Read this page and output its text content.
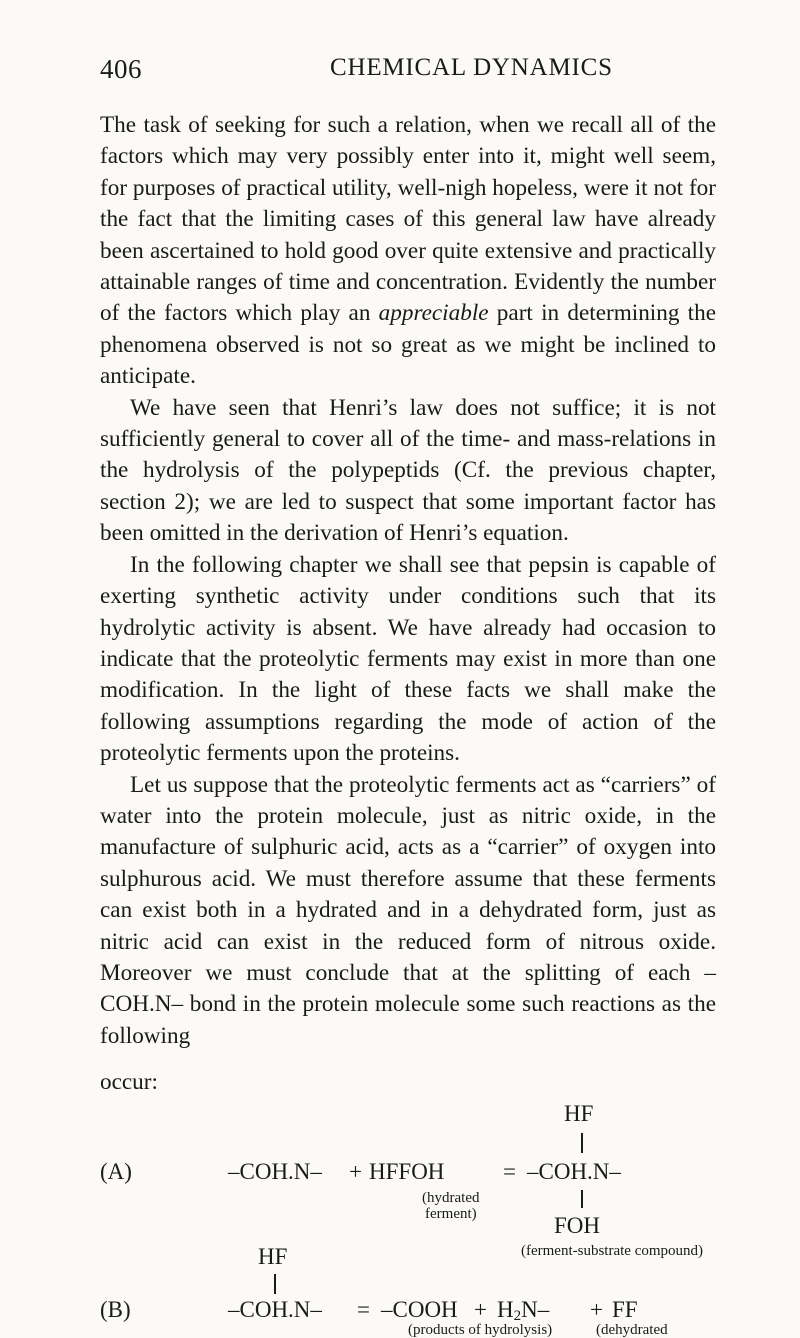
406	CHEMICAL DYNAMICS

The task of seeking for such a relation, when we recall all of the factors which may very possibly enter into it, might well seem, for purposes of practical utility, well-nigh hopeless, were it not for the fact that the limiting cases of this general law have already been ascertained to hold good over quite extensive and practically attainable ranges of time and concentration. Evidently the number of the factors which play an appreciable part in determining the phenomena observed is not so great as we might be inclined to anticipate.

We have seen that Henri’s law does not suffice; it is not sufficiently general to cover all of the time- and mass-relations in the hydrolysis of the polypeptids (Cf. the previous chapter, section 2); we are led to suspect that some important factor has been omitted in the derivation of Henri’s equation.

In the following chapter we shall see that pepsin is capable of exerting synthetic activity under conditions such that its hydrolytic activity is absent. We have already had occasion to indicate that the proteolytic ferments may exist in more than one modification. In the light of these facts we shall make the following assumptions regarding the mode of action of the proteolytic ferments upon the proteins.

Let us suppose that the proteolytic ferments act as “carriers” of water into the protein molecule, just as nitric oxide, in the manufacture of sulphuric acid, acts as a “carrier” of oxygen into sulphurous acid. We must therefore assume that these ferments can exist both in a hydrated and in a dehydrated form, just as nitric acid can exist in the reduced form of nitrous oxide. Moreover we must conclude that at the splitting of each –COH.N– bond in the protein molecule some such reactions as the following

occur:
(A)	–COH.N– + HFFOH	= –COH.N–
HF
FOH
(hydrated
ferment)
(ferment-substrate compound)
(B)
HF
–COH.N– = –COOH + $H_2N-$ + FF
(products of hydrolysis)	(dehydrated
